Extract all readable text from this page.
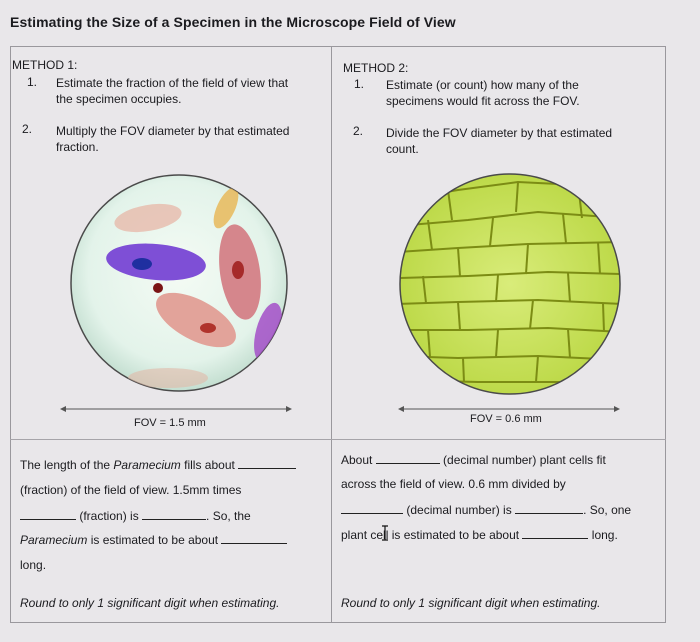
Estimating the Size of a Specimen in the Microscope Field of View
METHOD 1:
1. Estimate the fraction of the field of view that
the specimen occupies.
2. Multiply the FOV diameter by that estimated
fraction.
FOV = 1.5 mm
The length of the Paramecium fills about
(fraction) of the field of view. 1.5mm times
(fraction) is	. So, the
Paramecium is estimated to be about
long.
Round to only 1 significant digit when estimating.
METHOD 2:
1. Estimate (or count) how many of the
specimens would fit across the FOV.
2. Divide the FOV diameter by that estimated
count.
FOV = 0.6 mm
About	(decimal number) plant cells fit
across the field of view. 0.6 mm divided by
(decimal number) is	. So, one
plant cell is estimated to be about	long.
Round to only 1 significant digit when estimating.
